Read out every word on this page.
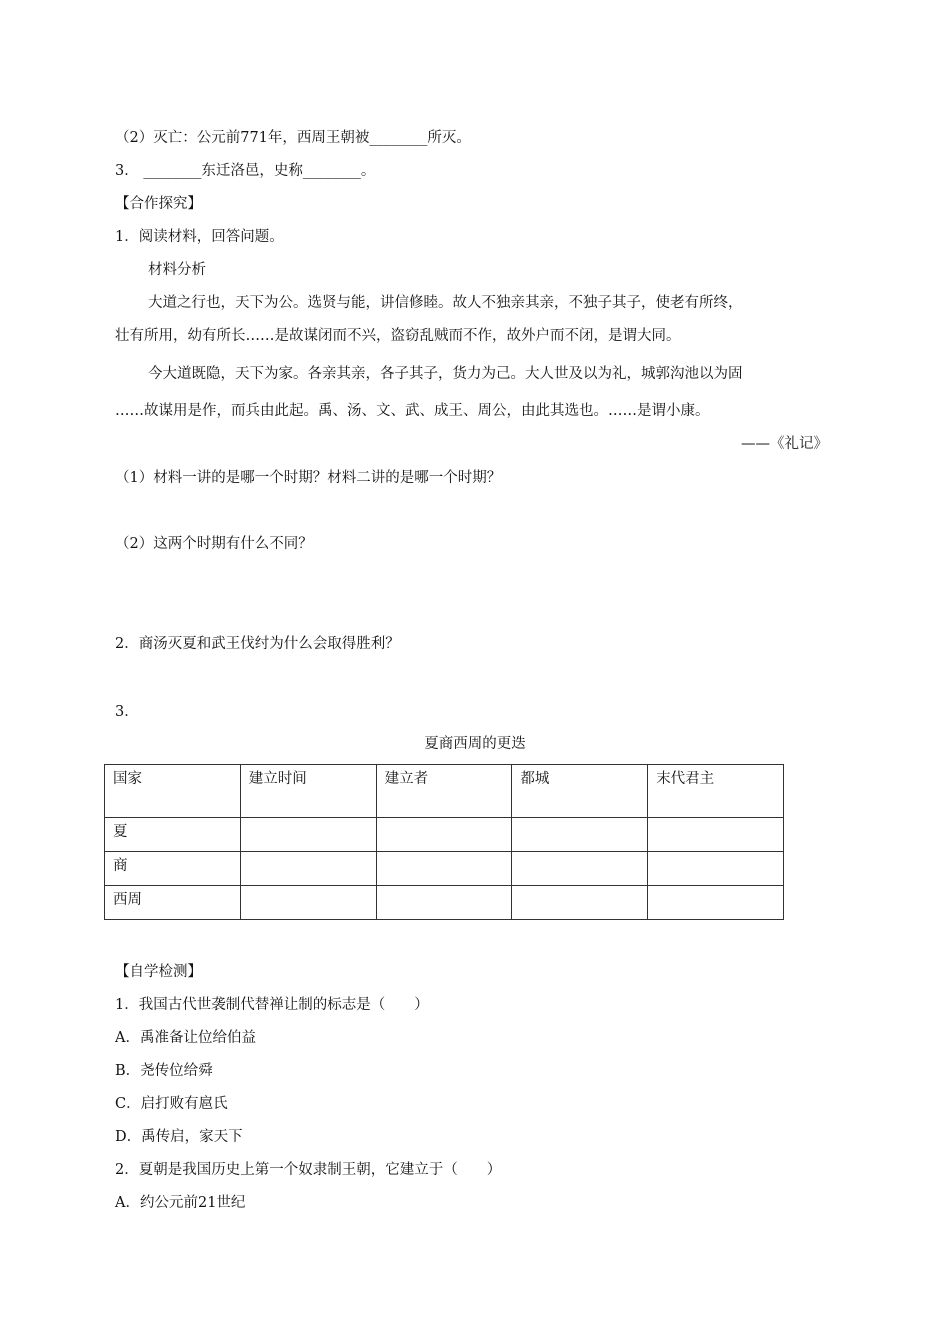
（2）灭亡：公元前771年，西周王朝被________所灭。
3． ________东迁洛邑，史称________。
【合作探究】
1．阅读材料，回答问题。
材料分析
大道之行也，天下为公。选贤与能，讲信修睦。故人不独亲其亲，不独子其子，使老有所终，
壮有所用，幼有所长……是故谋闭而不兴，盗窃乱贼而不作，故外户而不闭，是谓大同。
今大道既隐，天下为家。各亲其亲，各子其子，货力为己。大人世及以为礼，城郭沟池以为固
……故谋用是作，而兵由此起。禹、汤、文、武、成王、周公，由此其选也。……是谓小康。
——《礼记》
（1）材料一讲的是哪一个时期？材料二讲的是哪一个时期？
（2）这两个时期有什么不同？
2．商汤灭夏和武王伐纣为什么会取得胜利？
3．
夏商西周的更迭
国家	建立时间	建立者	都城	末代君主
夏				
商				
西周				
【自学检测】
1．我国古代世袭制代替禅让制的标志是（　　）
A．禹准备让位给伯益
B．尧传位给舜
C．启打败有扈氏
D．禹传启，家天下
2．夏朝是我国历史上第一个奴隶制王朝，它建立于（　　）
A．约公元前21世纪
